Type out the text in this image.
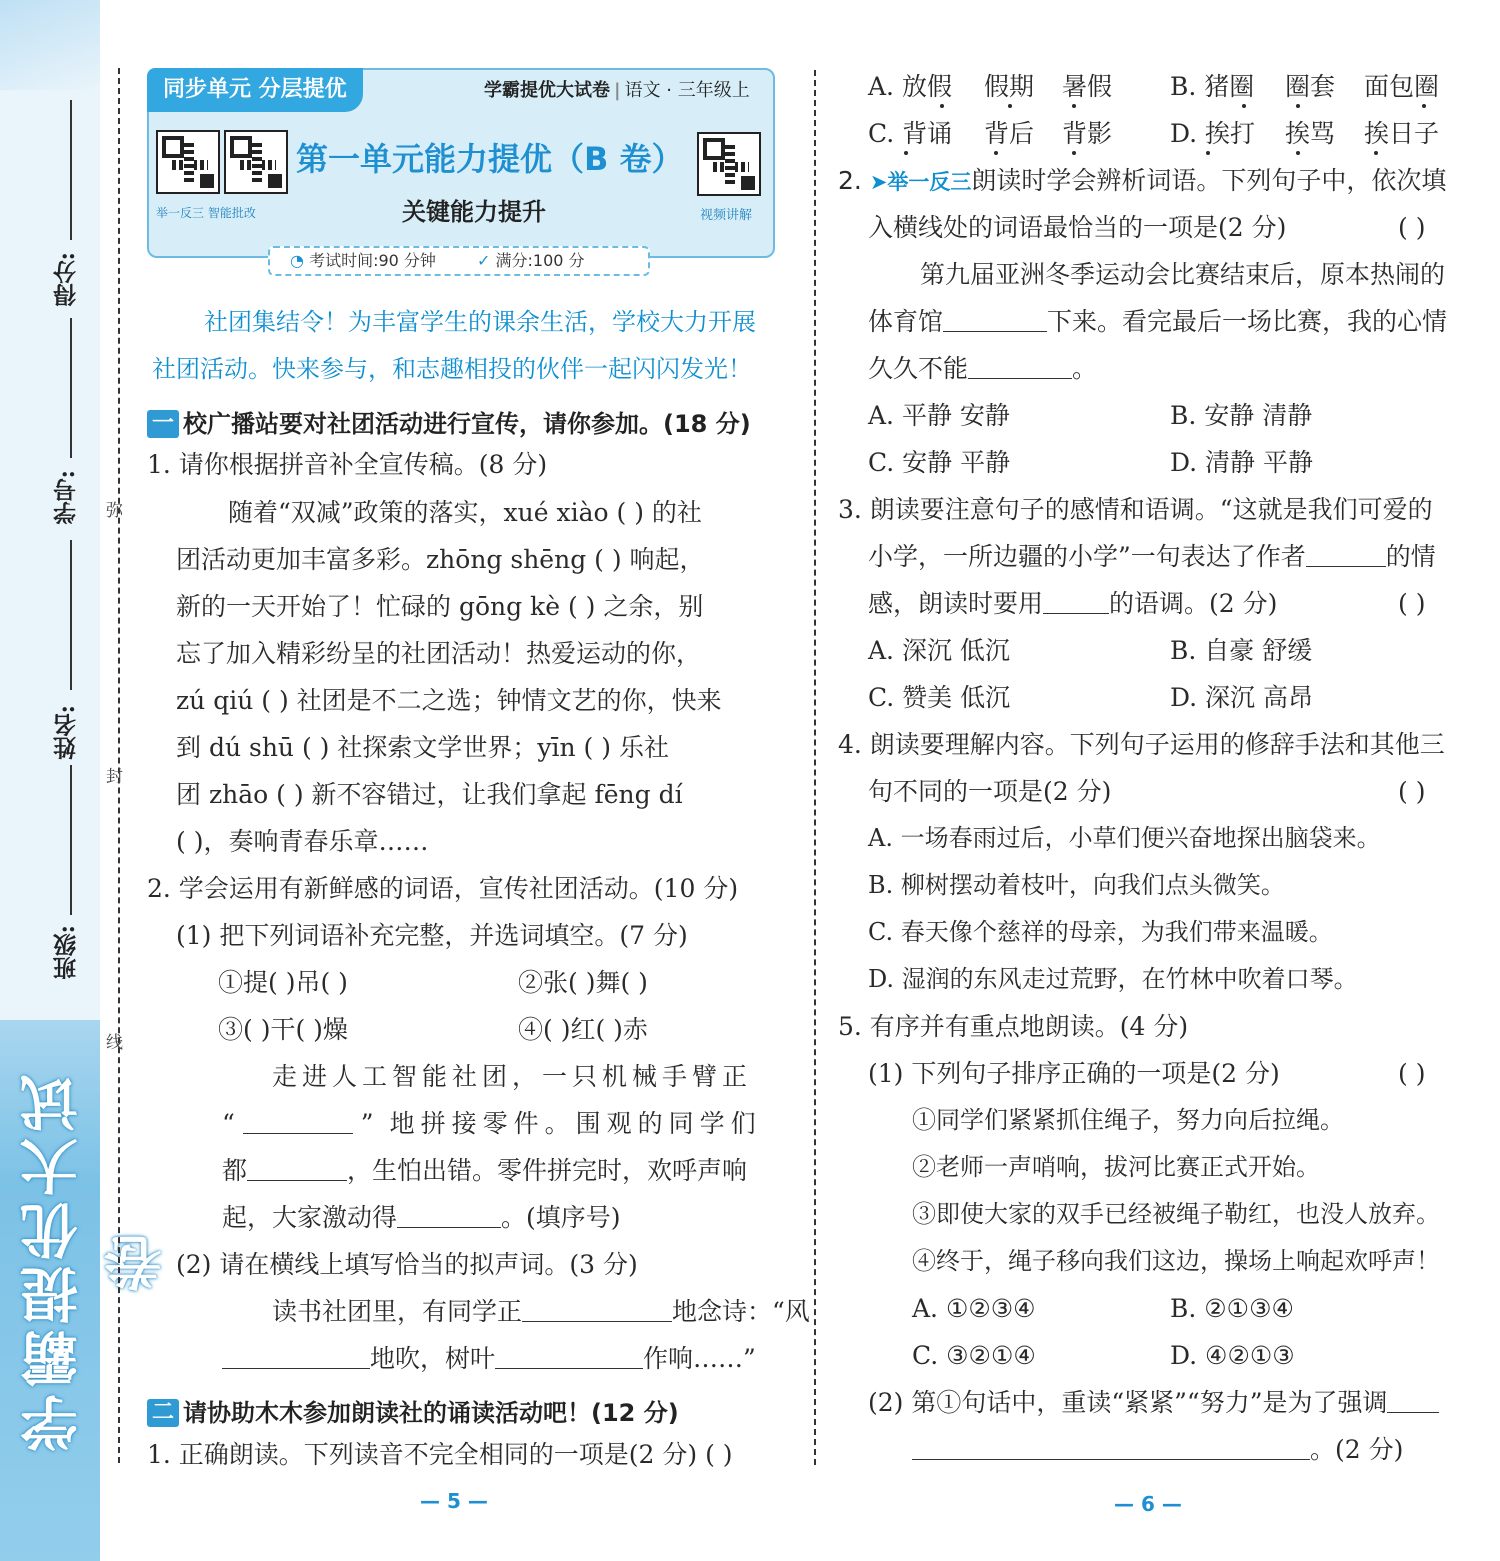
学霸提优大试卷
得分:
学号:
姓名:
班级:
弥
封
线
同步单元 分层提优	学霸提优大试卷 | 语文 · 三年级上
举一反三 智能批改
第一单元能力提优（B 卷）
关键能力提升	视频讲解
◔ 考试时间:90 分钟	✓ 满分:100 分
社团集结令！为丰富学生的课余生活，学校大力开展
社团活动。快来参与，和志趣相投的伙伴一起闪闪发光！
一 校广播站要对社团活动进行宣传，请你参加。(18 分)
1. 请你根据拼音补全宣传稿。(8 分)
随着“双减”政策的落实，xué xiào ( ) 的社
团活动更加丰富多彩。zhōng shēng ( ) 响起，
新的一天开始了！忙碌的 gōng kè ( ) 之余，别
忘了加入精彩纷呈的社团活动！热爱运动的你，
zú qiú ( ) 社团是不二之选；钟情文艺的你，快来
到 dú shū ( ) 社探索文学世界；yīn ( ) 乐社
团 zhāo ( ) 新不容错过，让我们拿起 fēng dí
( )，奏响青春乐章……
2. 学会运用有新鲜感的词语，宣传社团活动。(10 分)
(1) 把下列词语补充完整，并选词填空。(7 分)
①提( )吊( )	②张( )舞( )
③( )干( )燥	④( )红( )赤
走进人工智能社团，一只机械手臂正
“	” 地拼接零件。围观的同学们
都	，生怕出错。零件拼完时，欢呼声响
起，大家激动得	。(填序号)
(2) 请在横线上填写恰当的拟声词。(3 分)
读书社团里，有同学正	地念诗：“风
地吹，树叶	作响……”
二 请协助木木参加朗读社的诵读活动吧！(12 分)
1. 正确朗读。下列读音不完全相同的一项是(2 分) ( )
— 5 —
A. 放假 假期 暑假 B. 猪圈 圈套 面包圈
C. 背诵 背后 背影 D. 挨打 挨骂 挨日子
2. ➤举一反三朗读时学会辨析词语。下列句子中，依次填
入横线处的词语最恰当的一项是(2 分)	( )
第九届亚洲冬季运动会比赛结束后，原本热闹的
体育馆	下来。看完最后一场比赛，我的心情
久久不能	。
A. 平静 安静	B. 安静 清静
C. 安静 平静	D. 清静 平静
3. 朗读要注意句子的感情和语调。“这就是我们可爱的
小学，一所边疆的小学”一句表达了作者	的情
感，朗读时要用	的语调。(2 分)	( )
A. 深沉 低沉	B. 自豪 舒缓
C. 赞美 低沉	D. 深沉 高昂
4. 朗读要理解内容。下列句子运用的修辞手法和其他三
句不同的一项是(2 分)	( )
A. 一场春雨过后，小草们便兴奋地探出脑袋来。
B. 柳树摆动着枝叶，向我们点头微笑。
C. 春天像个慈祥的母亲，为我们带来温暖。
D. 湿润的东风走过荒野，在竹林中吹着口琴。
5. 有序并有重点地朗读。(4 分)
(1) 下列句子排序正确的一项是(2 分)	( )
①同学们紧紧抓住绳子，努力向后拉绳。
②老师一声哨响，拔河比赛正式开始。
③即使大家的双手已经被绳子勒红，也没人放弃。
④终于，绳子移向我们这边，操场上响起欢呼声！
A. ①②③④	B. ②①③④
C. ③②①④	D. ④②①③
(2) 第①句话中，重读“紧紧”“努力”是为了强调
。(2 分)
— 6 —
